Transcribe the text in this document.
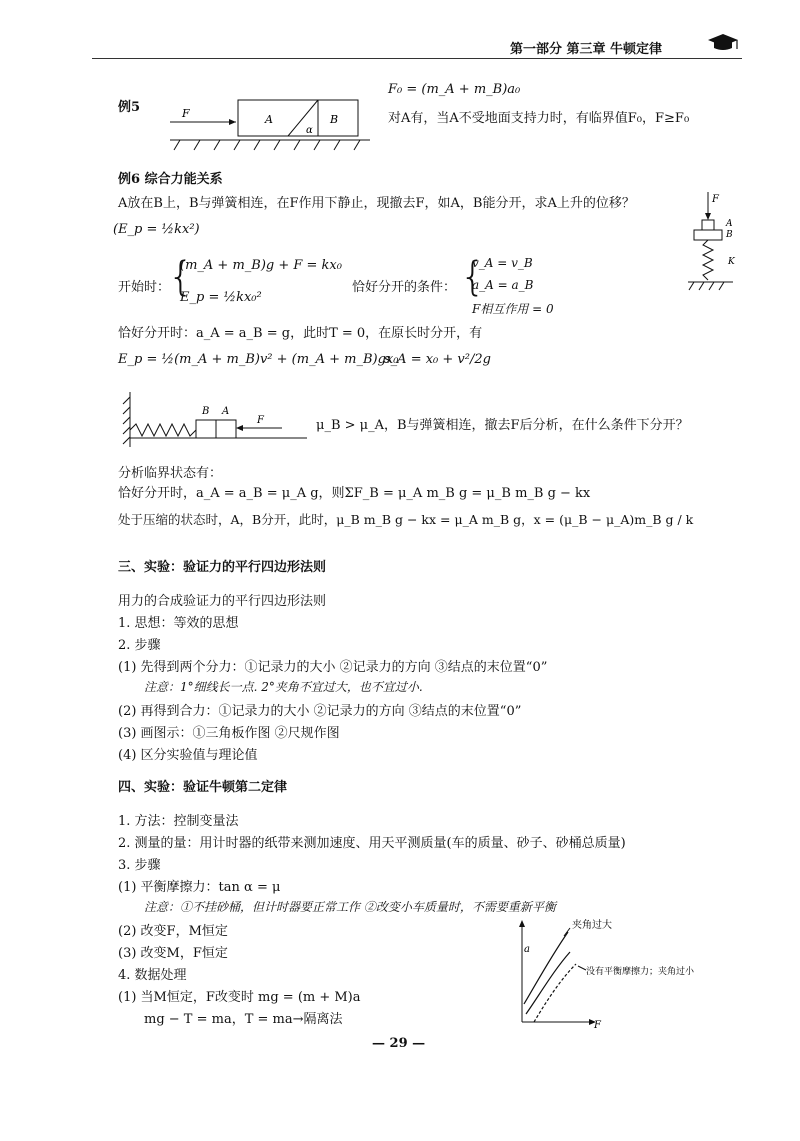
第一部分 第三章 牛顿定律
例5	F	A	B
α
F₀ = (m_A + m_B)a₀
对A有，当A不受地面支持力时，有临界值F₀，F≥F₀
例6 综合力能关系
A放在B上，B与弹簧相连，在F作用下静止，现撤去F，如A，B能分开，求A上升的位移？
(E_p = ½kx²)
F
A
B
K
开始时：
{
(m_A + m_B)g + F = kx₀
E_p = ½kx₀²
恰好分开的条件： {
v_A = v_B
a_A = a_B
F相互作用 = 0
恰好分开时：a_A = a_B = g，此时T = 0，在原长时分开，有
E_p = ½(m_A + m_B)v² + (m_A + m_B)gx₀
s_A = x₀ + v²/2g
B A
F	μ_B > μ_A，B与弹簧相连，撤去F后分析，在什么条件下分开？
分析临界状态有：
恰好分开时，a_A = a_B = μ_A g，则ΣF_B = μ_A m_B g = μ_B m_B g − kx
处于压缩的状态时，A，B分开，此时，μ_B m_B g − kx = μ_A m_B g，x = (μ_B − μ_A)m_B g / k
三、实验：验证力的平行四边形法则
用力的合成验证力的平行四边形法则
1. 思想：等效的思想
2. 步骤
(1) 先得到两个分力：①记录力的大小 ②记录力的方向 ③结点的末位置“0”
注意：1°细线长一点. 2°夹角不宜过大，也不宜过小.
(2) 再得到合力：①记录力的大小 ②记录力的方向 ③结点的末位置“0”
(3) 画图示：①三角板作图 ②尺规作图
(4) 区分实验值与理论值
四、实验：验证牛顿第二定律
1. 方法：控制变量法
2. 测量的量：用计时器的纸带来测加速度、用天平测质量(车的质量、砂子、砂桶总质量)
3. 步骤
(1) 平衡摩擦力：tan α = μ
注意：①不挂砂桶，但计时器要正常工作 ②改变小车质量时，不需要重新平衡
(2) 改变F，M恒定
(3) 改变M，F恒定
4. 数据处理
(1) 当M恒定，F改变时 mg = (m + M)a
mg − T = ma，T = ma→隔离法
a
F
夹角过大
没有平衡摩擦力；夹角过小
— 29 —
